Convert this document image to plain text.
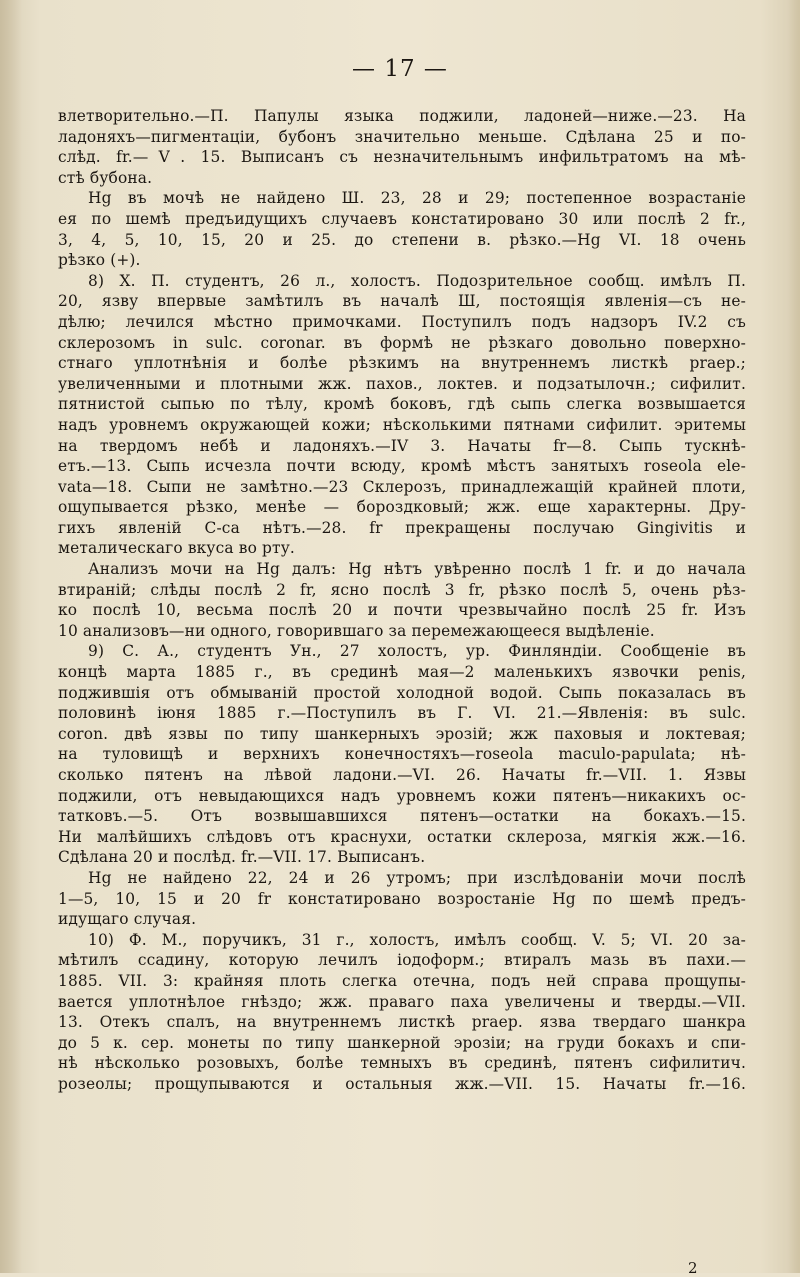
— 17 —
влетворительно.—П. Папулы языка поджили, ладоней—ниже.—23. На
ладоняхъ—пигментаціи, бубонъ значительно меньше. Сдѣлана 25 и по-
слѣд. fr.—Ⅴ. 15. Выписанъ съ незначительнымъ инфильтратомъ на мѣ-
стѣ бубона.
Hg въ мочѣ не найдено Ш. 23, 28 и 29; постепенное возрастаніе
ея по шемѣ предъидущихъ случаевъ констатировано 30 или послѣ 2 fr.,
3, 4, 5, 10, 15, 20 и 25. до степени в. рѣзко.—Hg VI. 18 очень
рѣзко (+).
8) Х. П. студентъ, 26 л., холостъ. Подозрительное сообщ. имѣлъ П.
20, язву впервые замѣтилъ въ началѣ Ш, постоящія явленія—съ не-
дѣлю; лечился мѣстно примочками. Поступилъ подъ надзоръ IV.2 съ
склерозомъ in sulc. coronar. въ формѣ не рѣзкаго довольно поверхно-
стнаго уплотнѣнія и болѣе рѣзкимъ на внутреннемъ листкѣ praep.;
увеличенными и плотными жж. пахов., локтев. и подзатылочн.; сифилит.
пятнистой сыпью по тѣлу, кромѣ боковъ, гдѣ сыпь слегка возвышается
надъ уровнемъ окружающей кожи; нѣсколькими пятнами сифилит. эритемы
на твердомъ небѣ и ладоняхъ.—IV 3. Начаты fr—8. Сыпь тускнѣ-
етъ.—13. Сыпь исчезла почти всюду, кромѣ мѣстъ занятыхъ roseola ele-
vata—18. Сыпи не замѣтно.—23 Склерозъ, принадлежащій крайней плоти,
ощупывается рѣзко, менѣе — бороздковый; жж. еще характерны. Дру-
гихъ явленій С-са нѣтъ.—28. fr прекращены послучаю Gingivitis и
металическаго вкуса во рту.
Анализъ мочи на Hg далъ: Hg нѣтъ увѣренно послѣ 1 fr. и до начала
втираній; слѣды послѣ 2 fr, ясно послѣ 3 fr, рѣзко послѣ 5, очень рѣз-
ко послѣ 10, весьма послѣ 20 и почти чрезвычайно послѣ 25 fr. Изъ
10 анализовъ—ни одного, говорившаго за перемежающееся выдѣленіе.
9) С. А., студентъ Ун., 27 холостъ, ур. Финляндіи. Сообщеніе въ
концѣ марта 1885 г., въ срединѣ мая—2 маленькихъ язвочки penis,
поджившія отъ обмываній простой холодной водой. Сыпь показалась въ
половинѣ іюня 1885 г.—Поступилъ въ Г. VI. 21.—Явленія: въ sulc.
coron. двѣ язвы по типу шанкерныхъ эрозій; жж паховыя и локтевая;
на туловищѣ и верхнихъ конечностяхъ—roseola maculo-papulata; нѣ-
сколько пятенъ на лѣвой ладони.—VI. 26. Начаты fr.—VII. 1. Язвы
поджили, отъ невыдающихся надъ уровнемъ кожи пятенъ—никакихъ ос-
татковъ.—5. Отъ возвышавшихся пятенъ—остатки на бокахъ.—15.
Ни малѣйшихъ слѣдовъ отъ краснухи, остатки склероза, мягкія жж.—16.
Сдѣлана 20 и послѣд. fr.—VII. 17. Выписанъ.
Hg не найдено 22, 24 и 26 утромъ; при изслѣдованіи мочи послѣ
1—5, 10, 15 и 20 fr констатировано возростаніе Hg по шемѣ предъ-
идущаго случая.
10) Ф. М., поручикъ, 31 г., холостъ, имѣлъ сообщ. V. 5; VI. 20 за-
мѣтилъ ссадину, которую лечилъ іодоформ.; втиралъ мазь въ пахи.—
1885. VII. 3: крайняя плоть слегка отечна, подъ ней справа прощупы-
вается уплотнѣлое гнѣздо; жж. праваго паха увеличены и тверды.—VII.
13. Отекъ спалъ, на внутреннемъ листкѣ praep. язва твердаго шанкра
до 5 к. сер. монеты по типу шанкерной эрозіи; на груди бокахъ и спи-
нѣ нѣсколько розовыхъ, болѣе темныхъ въ срединѣ, пятенъ сифилитич.
розеолы; прощупываются и остальныя жж.—VII. 15. Начаты fr.—16.
2
